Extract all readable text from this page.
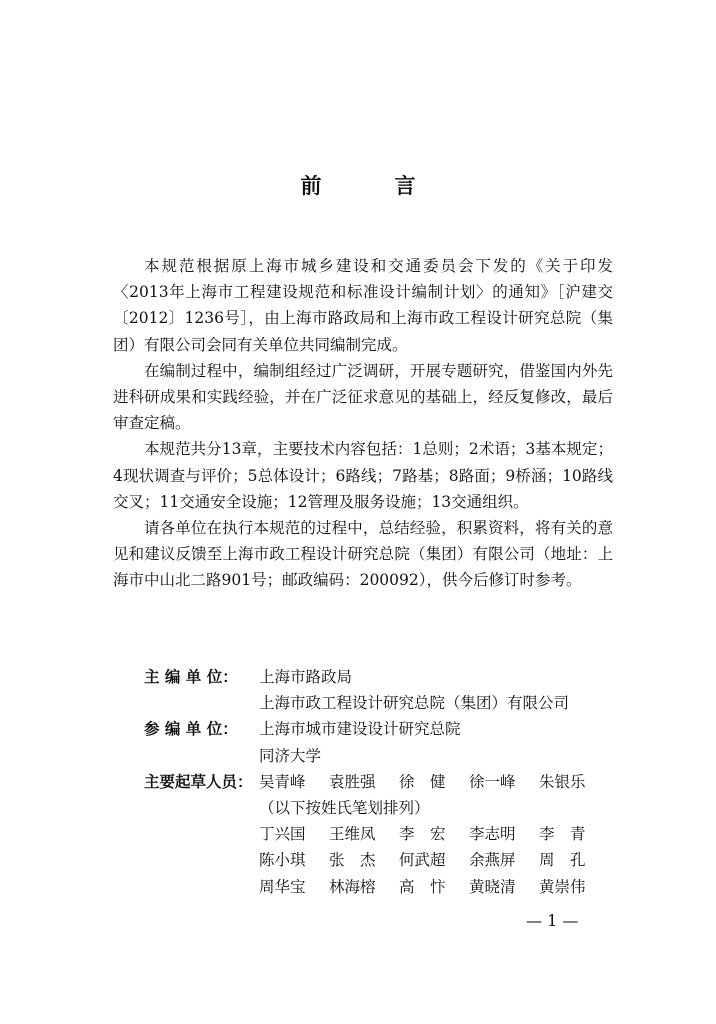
前　言

本规范根据原上海市城乡建设和交通委员会下发的《关于印发〈2013年上海市工程建设规范和标准设计编制计划〉的通知》［沪建交〔2012〕1236号］，由上海市路政局和上海市政工程设计研究总院（集团）有限公司会同有关单位共同编制完成。

在编制过程中，编制组经过广泛调研，开展专题研究，借鉴国内外先进科研成果和实践经验，并在广泛征求意见的基础上，经反复修改，最后审查定稿。

本规范共分13章，主要技术内容包括：1总则；2术语；3基本规定；4现状调查与评价；5总体设计；6路线；7路基；8路面；9桥涵；10路线交叉；11交通安全设施；12管理及服务设施；13交通组织。

请各单位在执行本规范的过程中，总结经验，积累资料，将有关的意见和建议反馈至上海市政工程设计研究总院（集团）有限公司（地址：上海市中山北二路901号；邮政编码：200092），供今后修订时参考。

主 编 单 位：	上海市路政局
上海市政工程设计研究总院（集团）有限公司
参 编 单 位：	上海市城市建设设计研究总院
同济大学
主要起草人员： 吴青峰	袁胜强	徐　健	徐一峰	朱银乐
（以下按姓氏笔划排列）
丁兴国	王维凤	李　宏	李志明	李　青
陈小琪	张　杰	何武超	余燕屏	周　孔
周华宝	林海榕	高　忭	黄晓清	黄崇伟
— 1 —
